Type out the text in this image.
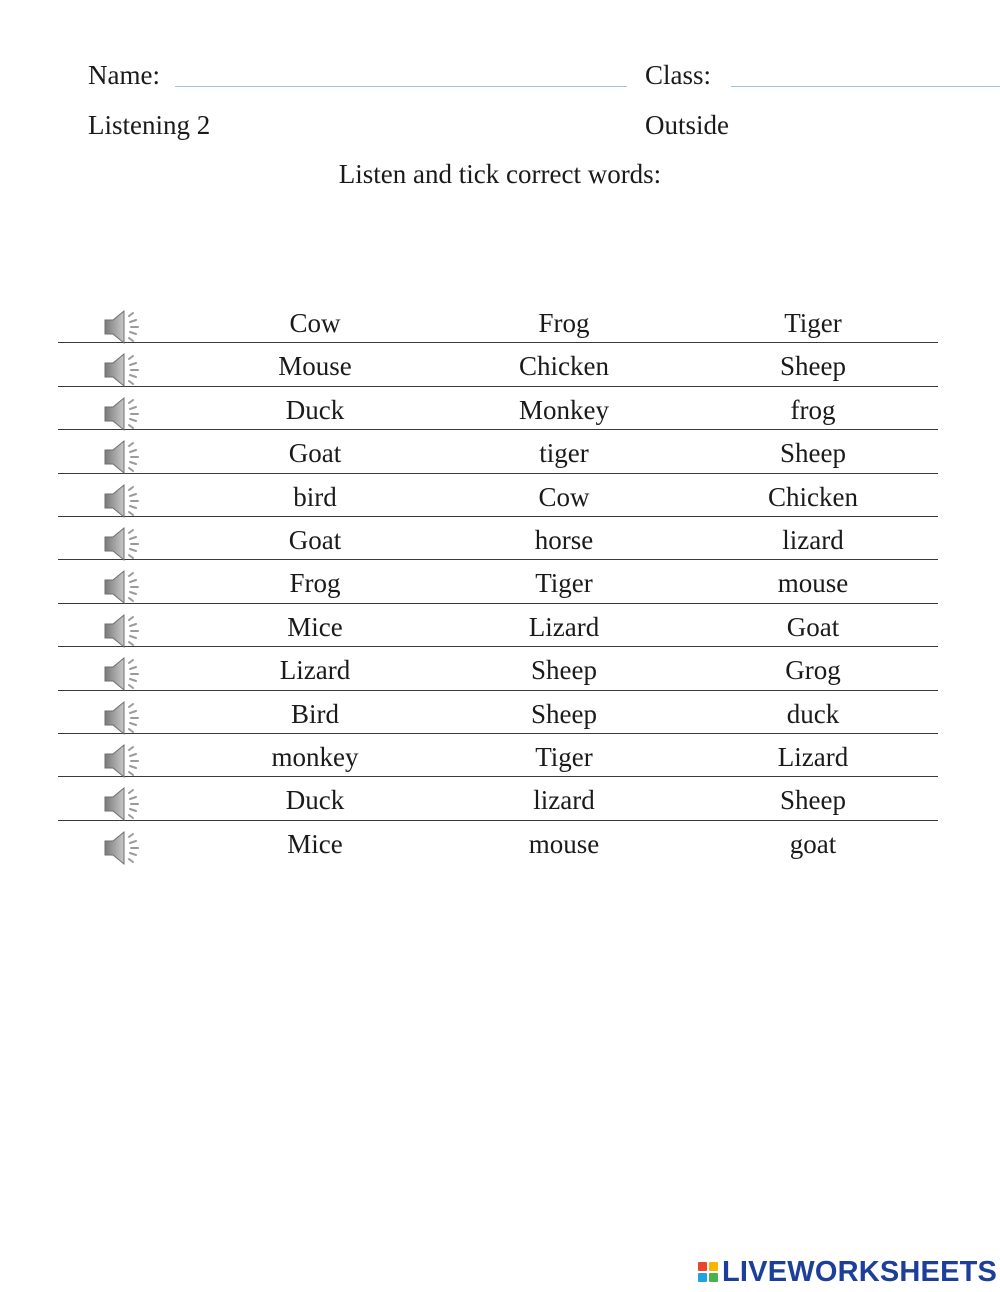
Name:	Class:
Listening 2	Outside
Listen and tick correct words:
Cow	Frog	Tiger
Mouse	Chicken	Sheep
Duck	Monkey	frog
Goat	tiger	Sheep
bird	Cow	Chicken
Goat	horse	lizard
Frog	Tiger	mouse
Mice	Lizard	Goat
Lizard	Sheep	Grog
Bird	Sheep	duck
monkey	Tiger	Lizard
Duck	lizard	Sheep
Mice	mouse	goat
LIVEWORKSHEETS
